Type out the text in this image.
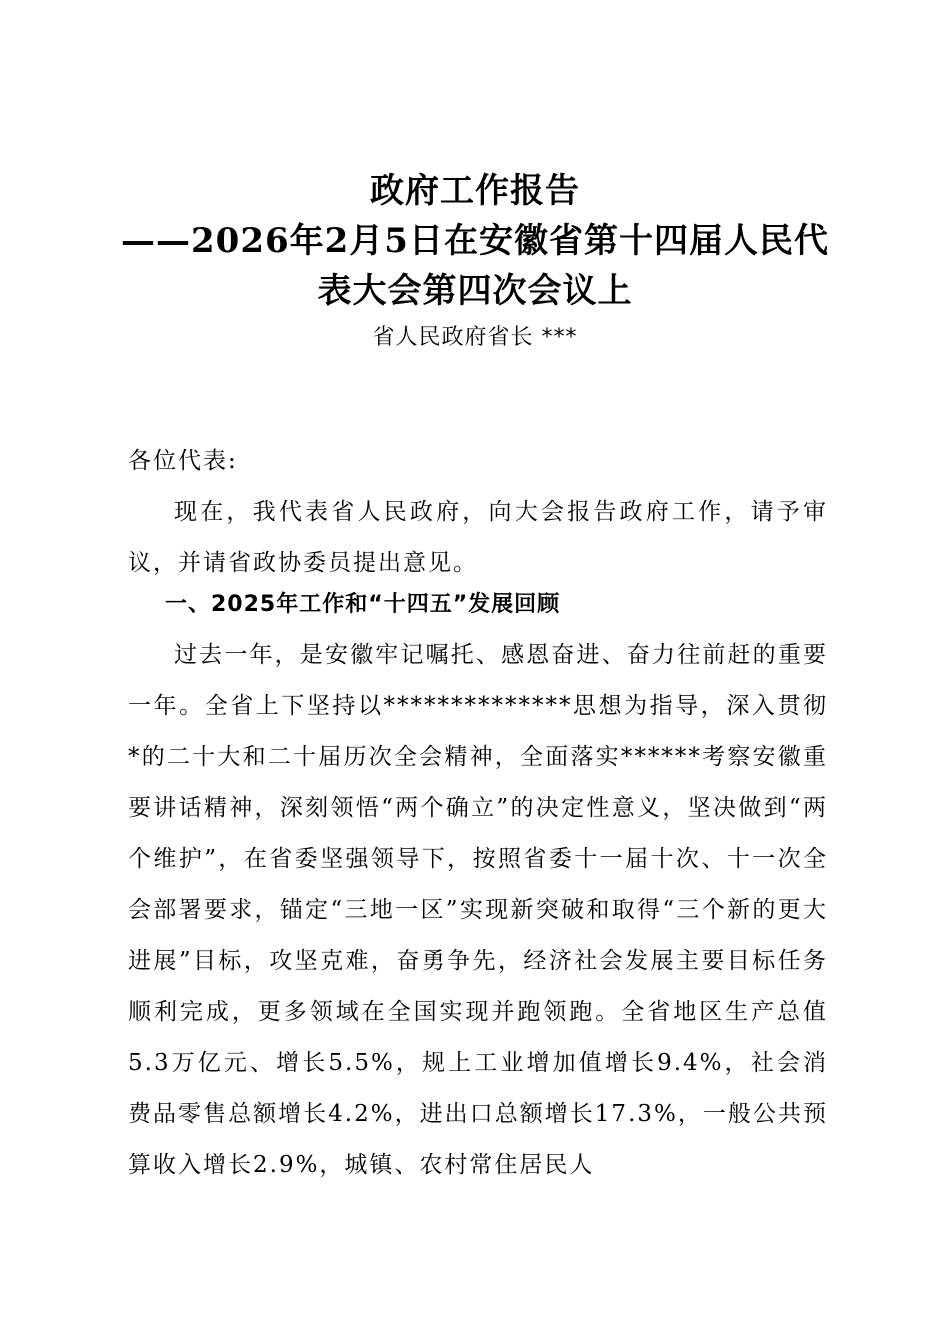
政府工作报告
——2026年2月5日在安徽省第十四届人民代
表大会第四次会议上
省人民政府省长 ***
各位代表:
现在，我代表省人民政府，向大会报告政府工作，请予审议，并请省政协委员提出意见。
一、2025年工作和“十四五”发展回顾
过去一年，是安徽牢记嘱托、感恩奋进、奋力往前赶的重要一年。全省上下坚持以**************思想为指导，深入贯彻*的二十大和二十届历次全会精神，全面落实******考察安徽重要讲话精神，深刻领悟“两个确立”的决定性意义，坚决做到“两个维护”，在省委坚强领导下，按照省委十一届十次、十一次全会部署要求，锚定“三地一区”实现新突破和取得“三个新的更大进展”目标，攻坚克难，奋勇争先，经济社会发展主要目标任务顺利完成，更多领域在全国实现并跑领跑。全省地区生产总值5.3万亿元、增长5.5%，规上工业增加值增长9.4%，社会消费品零售总额增长4.2%，进出口总额增长17.3%，一般公共预算收入增长2.9%，城镇、农村常住居民人
